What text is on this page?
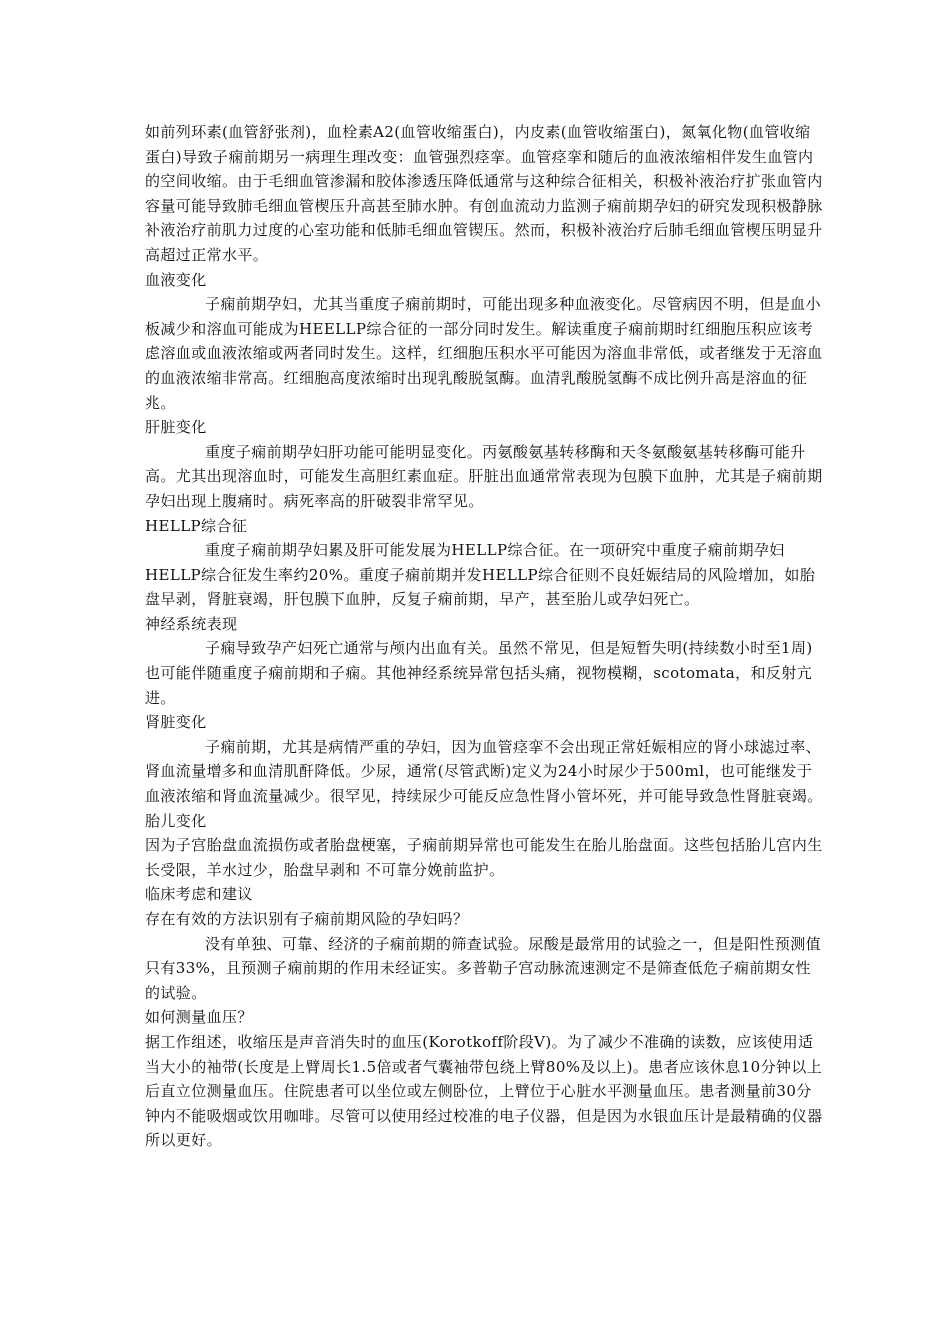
如前列环素(血管舒张剂)，血栓素A2(血管收缩蛋白)，内皮素(血管收缩蛋白)，氮氧化物(血管收缩蛋白)导致子痫前期另一病理生理改变：血管强烈痉挛。血管痉挛和随后的血液浓缩相伴发生血管内的空间收缩。由于毛细血管渗漏和胶体渗透压降低通常与这种综合征相关，积极补液治疗扩张血管内容量可能导致肺毛细血管楔压升高甚至肺水肿。有创血流动力监测子痫前期孕妇的研究发现积极静脉补液治疗前肌力过度的心室功能和低肺毛细血管锲压。然而，积极补液治疗后肺毛细血管楔压明显升高超过正常水平。

血液变化

子痫前期孕妇，尤其当重度子痫前期时，可能出现多种血液变化。尽管病因不明，但是血小板减少和溶血可能成为HEELLP综合征的一部分同时发生。解读重度子痫前期时红细胞压积应该考虑溶血或血液浓缩或两者同时发生。这样，红细胞压积水平可能因为溶血非常低，或者继发于无溶血的血液浓缩非常高。红细胞高度浓缩时出现乳酸脱氢酶。血清乳酸脱氢酶不成比例升高是溶血的征兆。

肝脏变化

重度子痫前期孕妇肝功能可能明显变化。丙氨酸氨基转移酶和天冬氨酸氨基转移酶可能升高。尤其出现溶血时，可能发生高胆红素血症。肝脏出血通常常表现为包膜下血肿，尤其是子痫前期孕妇出现上腹痛时。病死率高的肝破裂非常罕见。

HELLP综合征

重度子痫前期孕妇累及肝可能发展为HELLP综合征。在一项研究中重度子痫前期孕妇HELLP综合征发生率约20%。重度子痫前期并发HELLP综合征则不良妊娠结局的风险增加，如胎盘早剥，肾脏衰竭，肝包膜下血肿，反复子痫前期，早产，甚至胎儿或孕妇死亡。

神经系统表现

子痫导致孕产妇死亡通常与颅内出血有关。虽然不常见，但是短暂失明(持续数小时至1周)也可能伴随重度子痫前期和子痫。其他神经系统异常包括头痛，视物模糊，scotomata，和反射亢进。

肾脏变化

子痫前期，尤其是病情严重的孕妇，因为血管痉挛不会出现正常妊娠相应的肾小球滤过率、肾血流量增多和血清肌酐降低。少尿，通常(尽管武断)定义为24小时尿少于500ml，也可能继发于血液浓缩和肾血流量减少。很罕见，持续尿少可能反应急性肾小管坏死，并可能导致急性肾脏衰竭。

胎儿变化

因为子宫胎盘血流损伤或者胎盘梗塞，子痫前期异常也可能发生在胎儿胎盘面。这些包括胎儿宫内生长受限，羊水过少，胎盘早剥和 不可靠分娩前监护。

临床考虑和建议

存在有效的方法识别有子痫前期风险的孕妇吗？

没有单独、可靠、经济的子痫前期的筛查试验。尿酸是最常用的试验之一，但是阳性预测值只有33%，且预测子痫前期的作用未经证实。多普勒子宫动脉流速测定不是筛查低危子痫前期女性的试验。

如何测量血压？

据工作组述，收缩压是声音消失时的血压(Korotkoff阶段V)。为了减少不准确的读数，应该使用适当大小的袖带(长度是上臂周长1.5倍或者气囊袖带包绕上臂80%及以上)。患者应该休息10分钟以上后直立位测量血压。住院患者可以坐位或左侧卧位，上臂位于心脏水平测量血压。患者测量前30分钟内不能吸烟或饮用咖啡。尽管可以使用经过校准的电子仪器，但是因为水银血压计是最精确的仪器所以更好。
